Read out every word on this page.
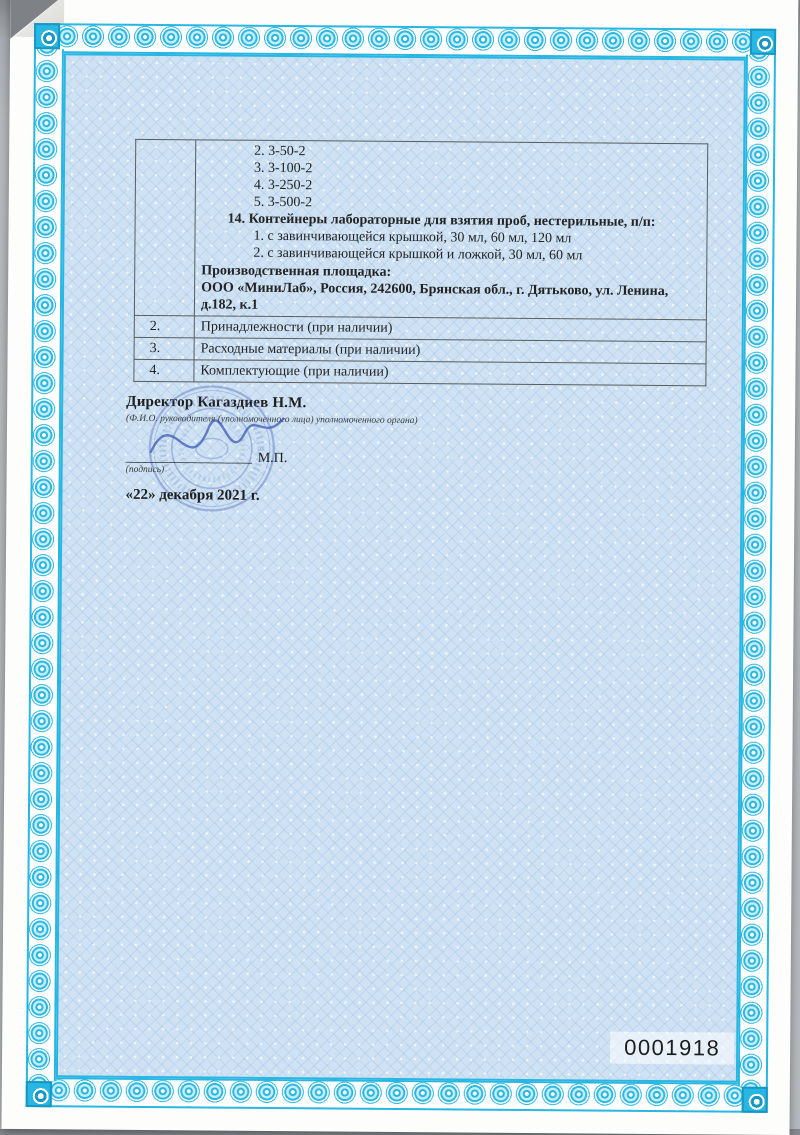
2. 3-50-2
3. 3-100-2
4. 3-250-2
5. 3-500-2
14. Контейнеры лабораторные для взятия проб, нестерильные, п/п:
1. с завинчивающейся крышкой, 30 мл, 60 мл, 120 мл
2. с завинчивающейся крышкой и ложкой, 30 мл, 60 мл
Производственная площадка:
ООО «МиниЛаб», Россия, 242600, Брянская обл., г. Дятьково, ул. Ленина, д.182, к.1

2.	Принадлежности (при наличии)
3.	Расходные материалы (при наличии)
4.	Комплектующие (при наличии)
Директор Кагаздиев Н.М.
(Ф.И.О. руководителя (уполномоченного лица) уполномоченного органа)
__________________ М.П.
(подпись)
«22» декабря 2021 г.
0001918
